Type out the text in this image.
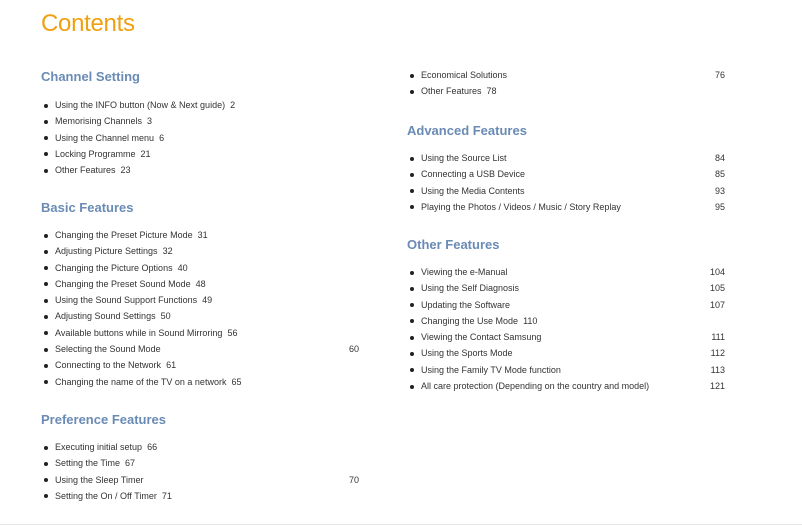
Contents
Channel Setting
Using the INFO button (Now & Next guide) 2
Memorising Channels 3
Using the Channel menu 6
Locking Programme 21
Other Features 23
Basic Features
Changing the Preset Picture Mode 31
Adjusting Picture Settings 32
Changing the Picture Options 40
Changing the Preset Sound Mode 48
Using the Sound Support Functions 49
Adjusting Sound Settings 50
Available buttons while in Sound Mirroring 56
Selecting the Sound Mode	60
Connecting to the Network 61
Changing the name of the TV on a network 65
Preference Features
Executing initial setup 66
Setting the Time 67
Using the Sleep Timer	70
Setting the On / Off Timer 71
Economical Solutions	76
Other Features 78
Advanced Features
Using the Source List	84
Connecting a USB Device	85
Using the Media Contents	93
Playing the Photos / Videos / Music / Story Replay	95
Other Features
Viewing the e-Manual	104
Using the Self Diagnosis	105
Updating the Software	107
Changing the Use Mode 110
Viewing the Contact Samsung	111
Using the Sports Mode	112
Using the Family TV Mode function	113
All care protection (Depending on the country and model)	121
